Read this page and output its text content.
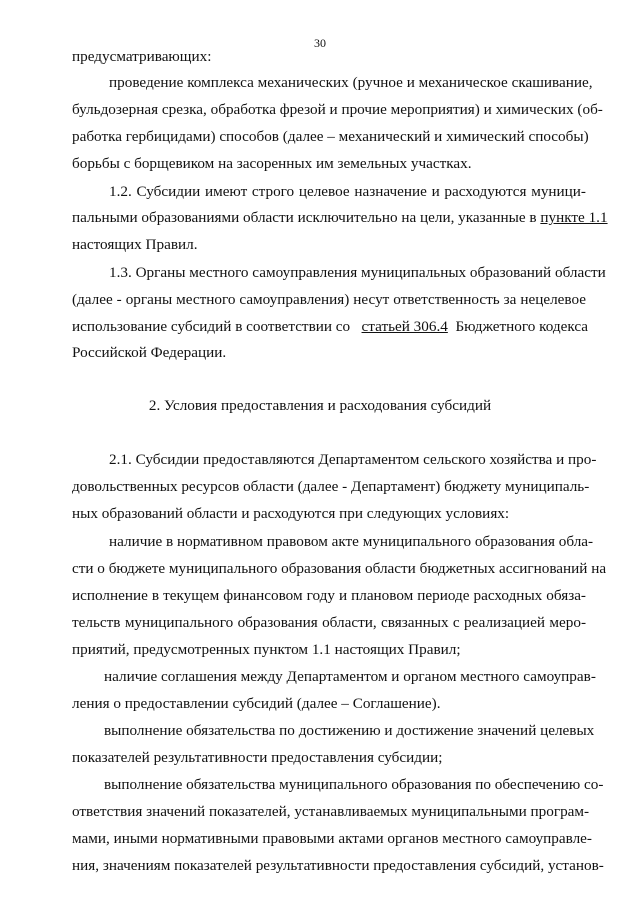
30
предусматривающих:
проведение комплекса механических (ручное и механическое скашивание,
бульдозерная срезка, обработка фрезой и прочие мероприятия) и химических (об-
работка гербицидами) способов (далее – механический и химический способы)
борьбы с борщевиком на засоренных им земельных участках.
1.2. Субсидии имеют строго целевое назначение и расходуются муници-
пальными образованиями области исключительно на цели, указанные в пункте 1.1
настоящих Правил.
1.3. Органы местного самоуправления муниципальных образований области
(далее - органы местного самоуправления) несут ответственность за нецелевое
использование субсидий в соответствии со статьей 306.4 Бюджетного кодекса
Российской Федерации.
2. Условия предоставления и расходования субсидий
2.1. Субсидии предоставляются Департаментом сельского хозяйства и про-
довольственных ресурсов области (далее - Департамент) бюджету муниципаль-
ных образований области и расходуются при следующих условиях:
наличие в нормативном правовом акте муниципального образования обла-
сти о бюджете муниципального образования области бюджетных ассигнований на
исполнение в текущем финансовом году и плановом периоде расходных обяза-
тельств муниципального образования области, связанных с реализацией меро-
приятий, предусмотренных пунктом 1.1 настоящих Правил;
наличие соглашения между Департаментом и органом местного самоуправ-
ления о предоставлении субсидий (далее – Соглашение).
выполнение обязательства по достижению и достижение значений целевых
показателей результативности предоставления субсидии;
выполнение обязательства муниципального образования по обеспечению со-
ответствия значений показателей, устанавливаемых муниципальными програм-
мами, иными нормативными правовыми актами органов местного самоуправле-
ния, значениям показателей результативности предоставления субсидий, установ-
